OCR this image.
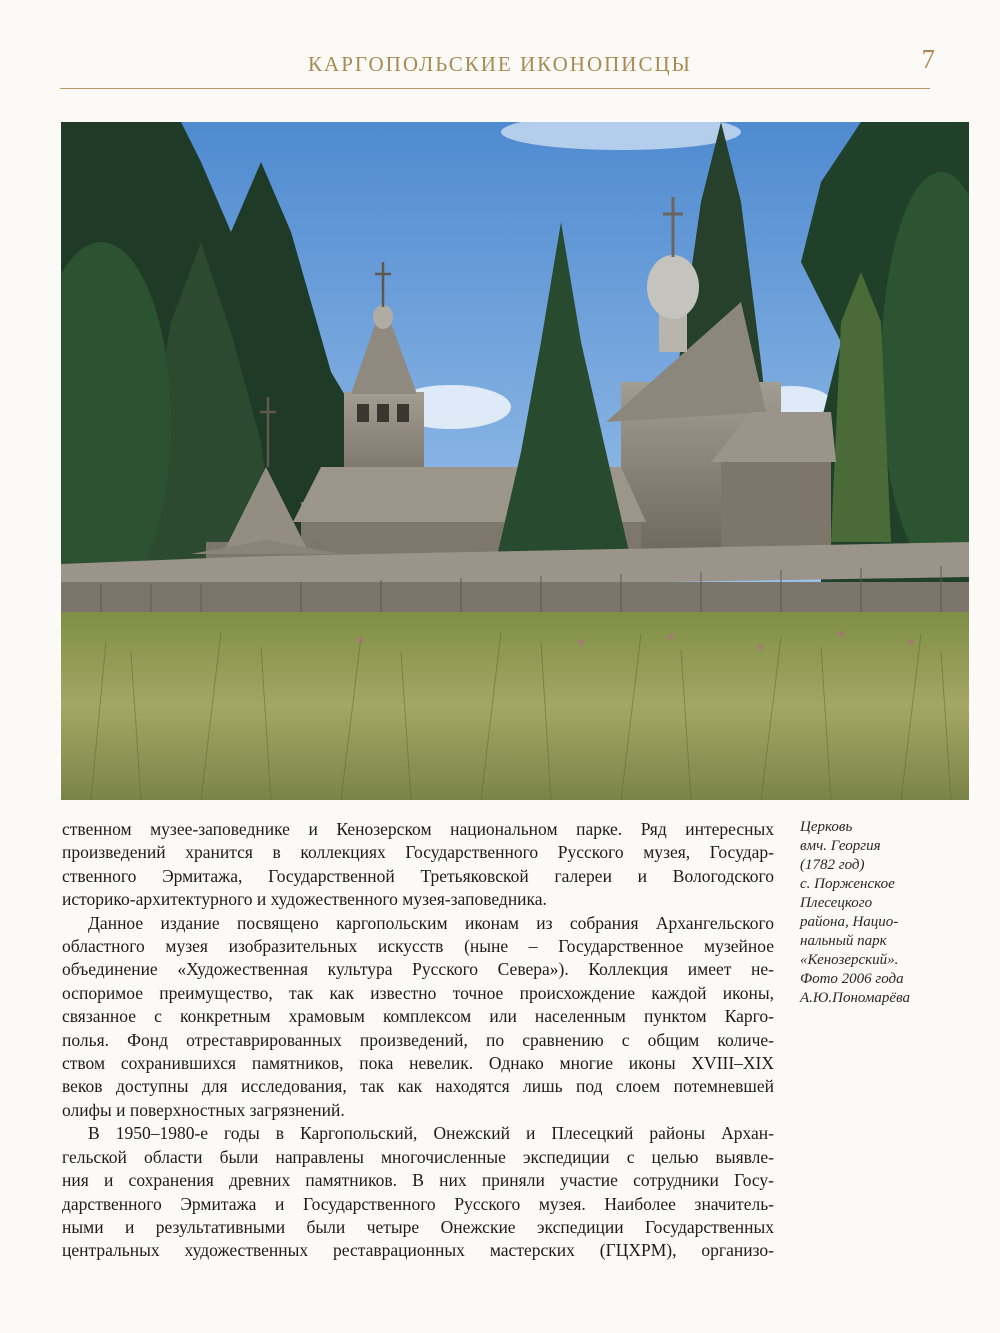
КАРГОПОЛЬСКИЕ ИКОНОПИСЦЫ	7
Церковь
вмч. Георгия
(1782 год)
с. Порженское
Плесецкого
района, Нацио-
нальный парк
«Кенозерский».
Фото 2006 года
А.Ю.Пономарёва

ственном музее-заповеднике и Кенозерском национальном парке. Ряд интересных

произведений хранится в коллекциях Государственного Русского музея, Государ-

ственного Эрмитажа, Государственной Третьяковской галереи и Вологодского

историко-архитектурного и художественного музея-заповедника.

Данное издание посвящено каргопольским иконам из собрания Архангельского

областного музея изобразительных искусств (ныне – Государственное музейное

объединение «Художественная культура Русского Севера»). Коллекция имеет не-

оспоримое преимущество, так как известно точное происхождение каждой иконы,

связанное с конкретным храмовым комплексом или населенным пунктом Карго-

полья. Фонд отреставрированных произведений, по сравнению с общим количе-

ством сохранившихся памятников, пока невелик. Однако многие иконы XVIII–XIX

веков доступны для исследования, так как находятся лишь под слоем потемневшей

олифы и поверхностных загрязнений.

В 1950–1980-е годы в Каргопольский, Онежский и Плесецкий районы Архан-

гельской области были направлены многочисленные экспедиции с целью выявле-

ния и сохранения древних памятников. В них приняли участие сотрудники Госу-

дарственного Эрмитажа и Государственного Русского музея. Наиболее значитель-

ными и результативными были четыре Онежские экспедиции Государственных

центральных художественных реставрационных мастерских (ГЦХРМ), организо-
